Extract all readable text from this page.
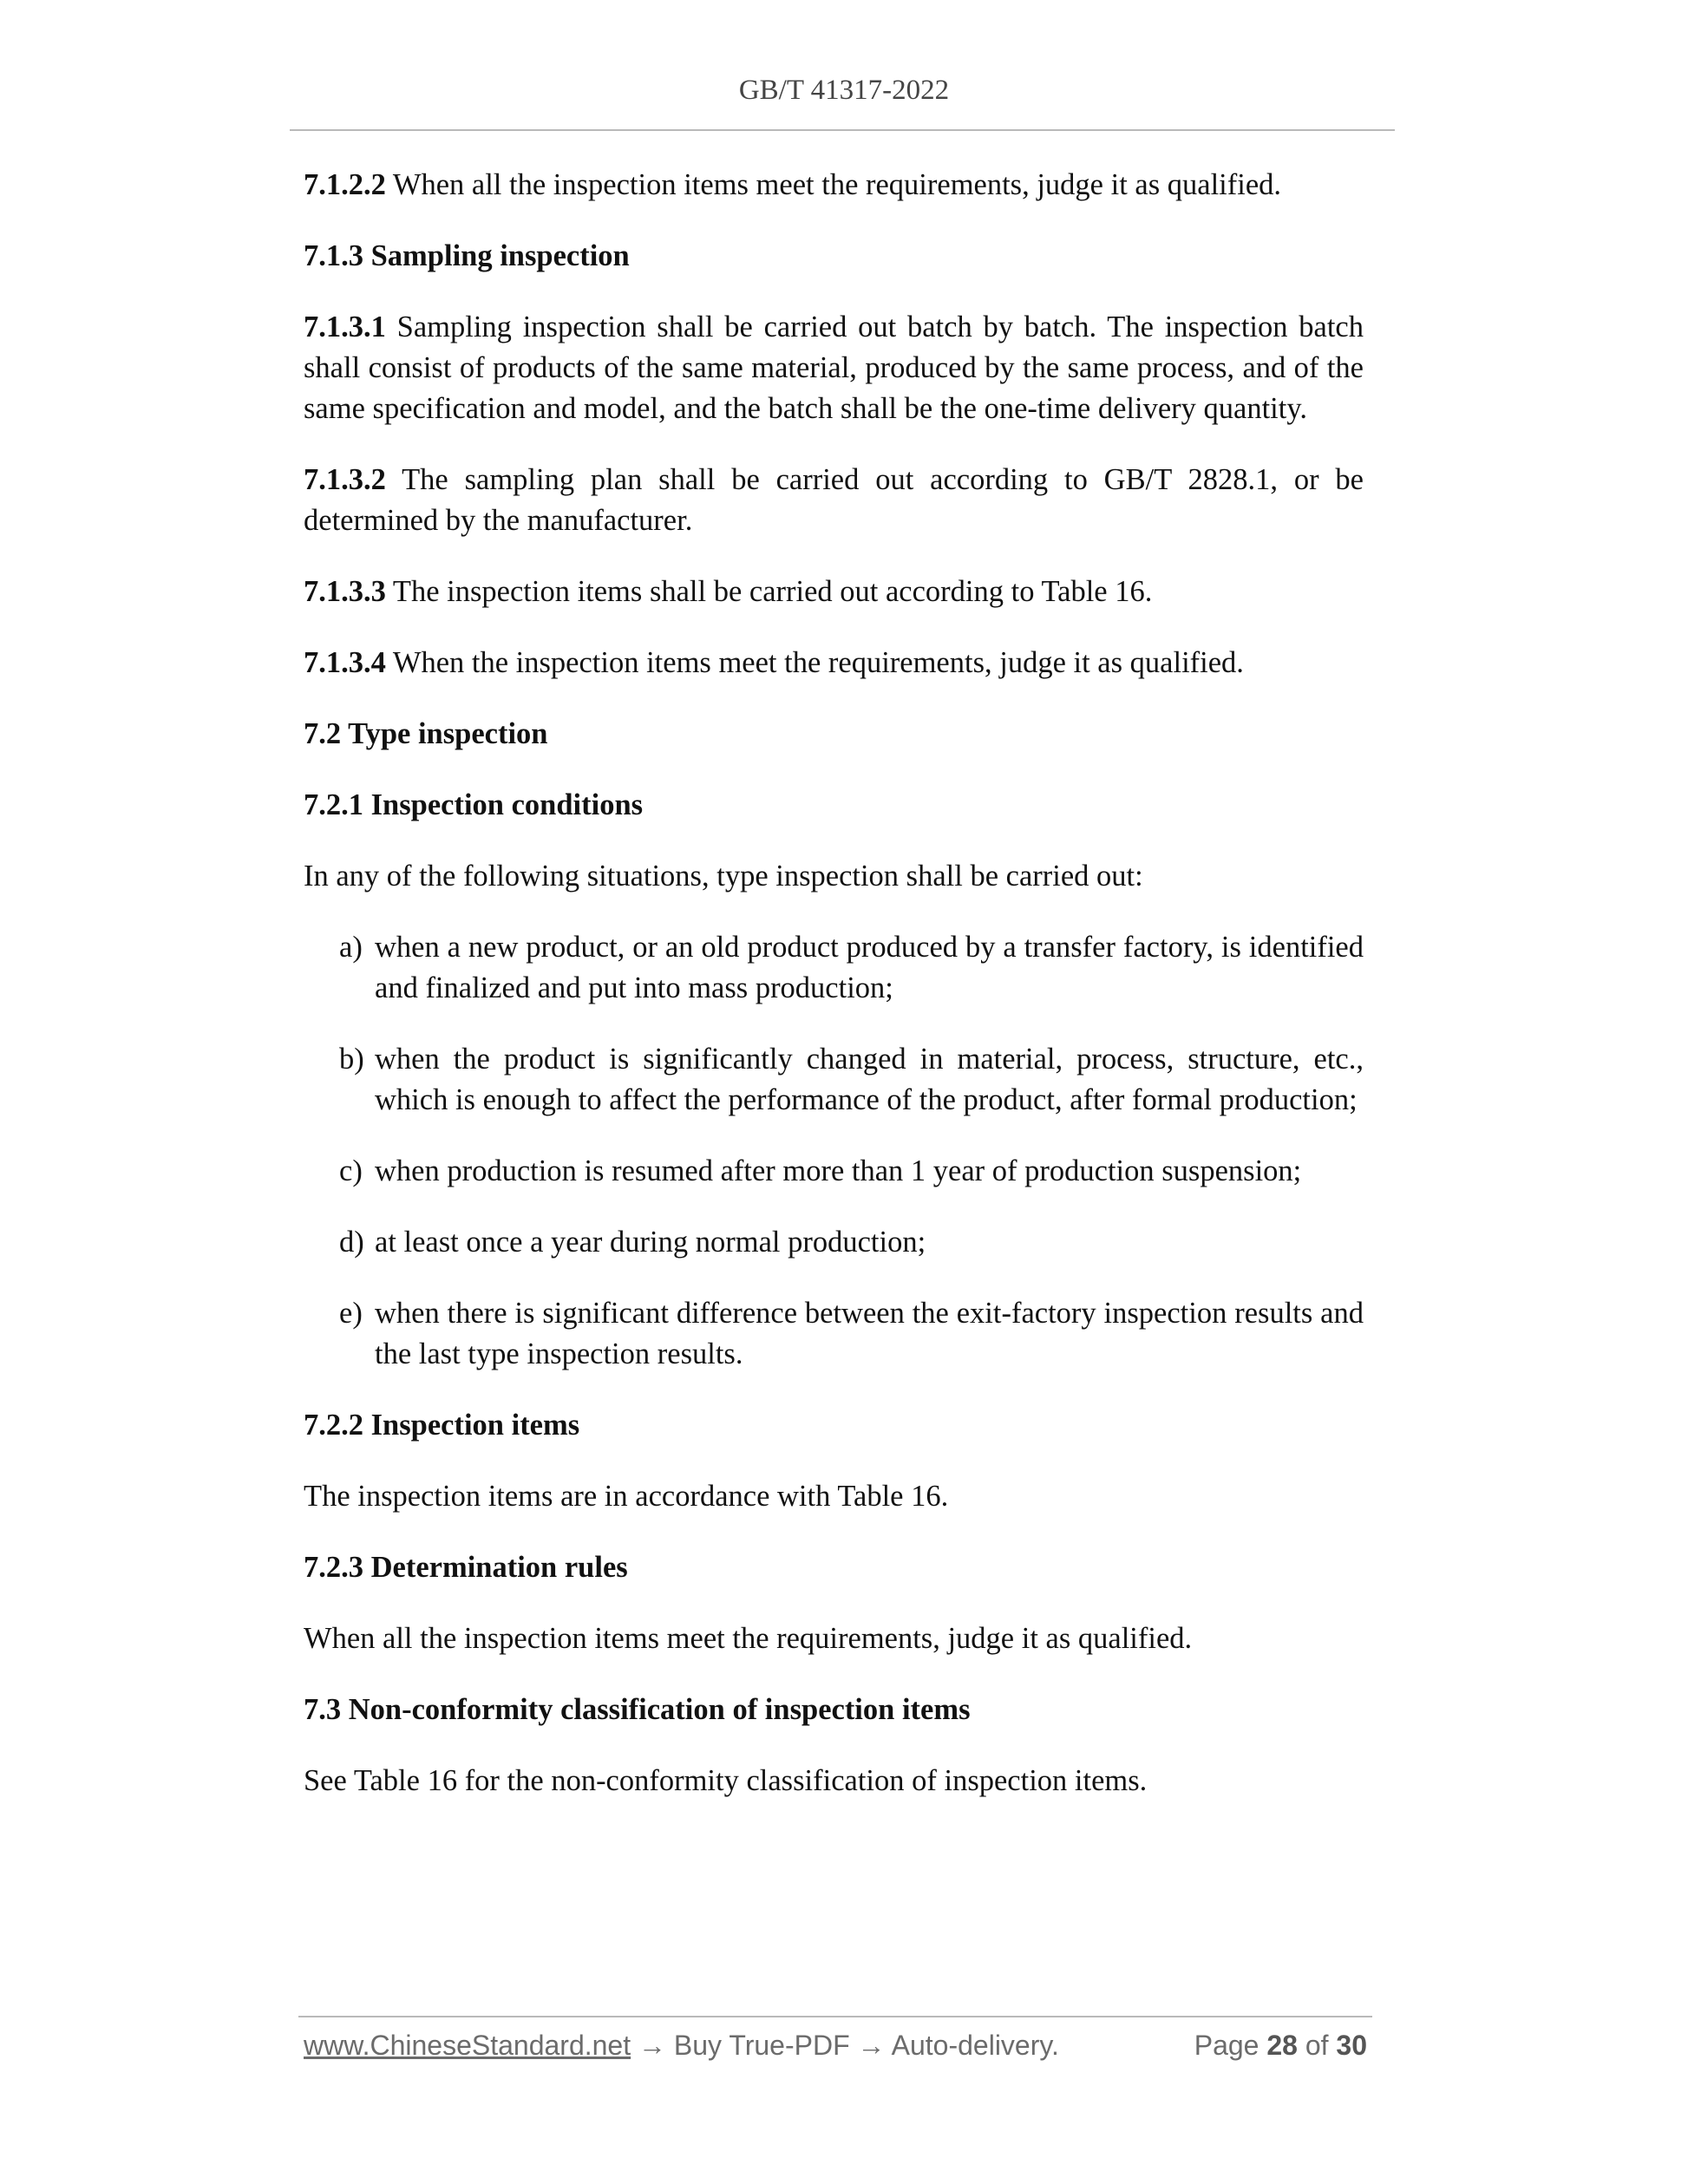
GB/T 41317-2022

7.1.2.2 When all the inspection items meet the requirements, judge it as qualified.

7.1.3 Sampling inspection

7.1.3.1 Sampling inspection shall be carried out batch by batch. The inspection batch shall consist of products of the same material, produced by the same process, and of the same specification and model, and the batch shall be the one-time delivery quantity.

7.1.3.2 The sampling plan shall be carried out according to GB/T 2828.1, or be determined by the manufacturer.

7.1.3.3 The inspection items shall be carried out according to Table 16.

7.1.3.4 When the inspection items meet the requirements, judge it as qualified.

7.2 Type inspection

7.2.1 Inspection conditions

In any of the following situations, type inspection shall be carried out:

a) when a new product, or an old product produced by a transfer factory, is identified and finalized and put into mass production;
b) when the product is significantly changed in material, process, structure, etc., which is enough to affect the performance of the product, after formal production;
c) when production is resumed after more than 1 year of production suspension;
d) at least once a year during normal production;
e) when there is significant difference between the exit-factory inspection results and the last type inspection results.

7.2.2 Inspection items

The inspection items are in accordance with Table 16.

7.2.3 Determination rules

When all the inspection items meet the requirements, judge it as qualified.

7.3 Non-conformity classification of inspection items

See Table 16 for the non-conformity classification of inspection items.

www.ChineseStandard.net → Buy True-PDF → Auto-delivery.	Page 28 of 30
